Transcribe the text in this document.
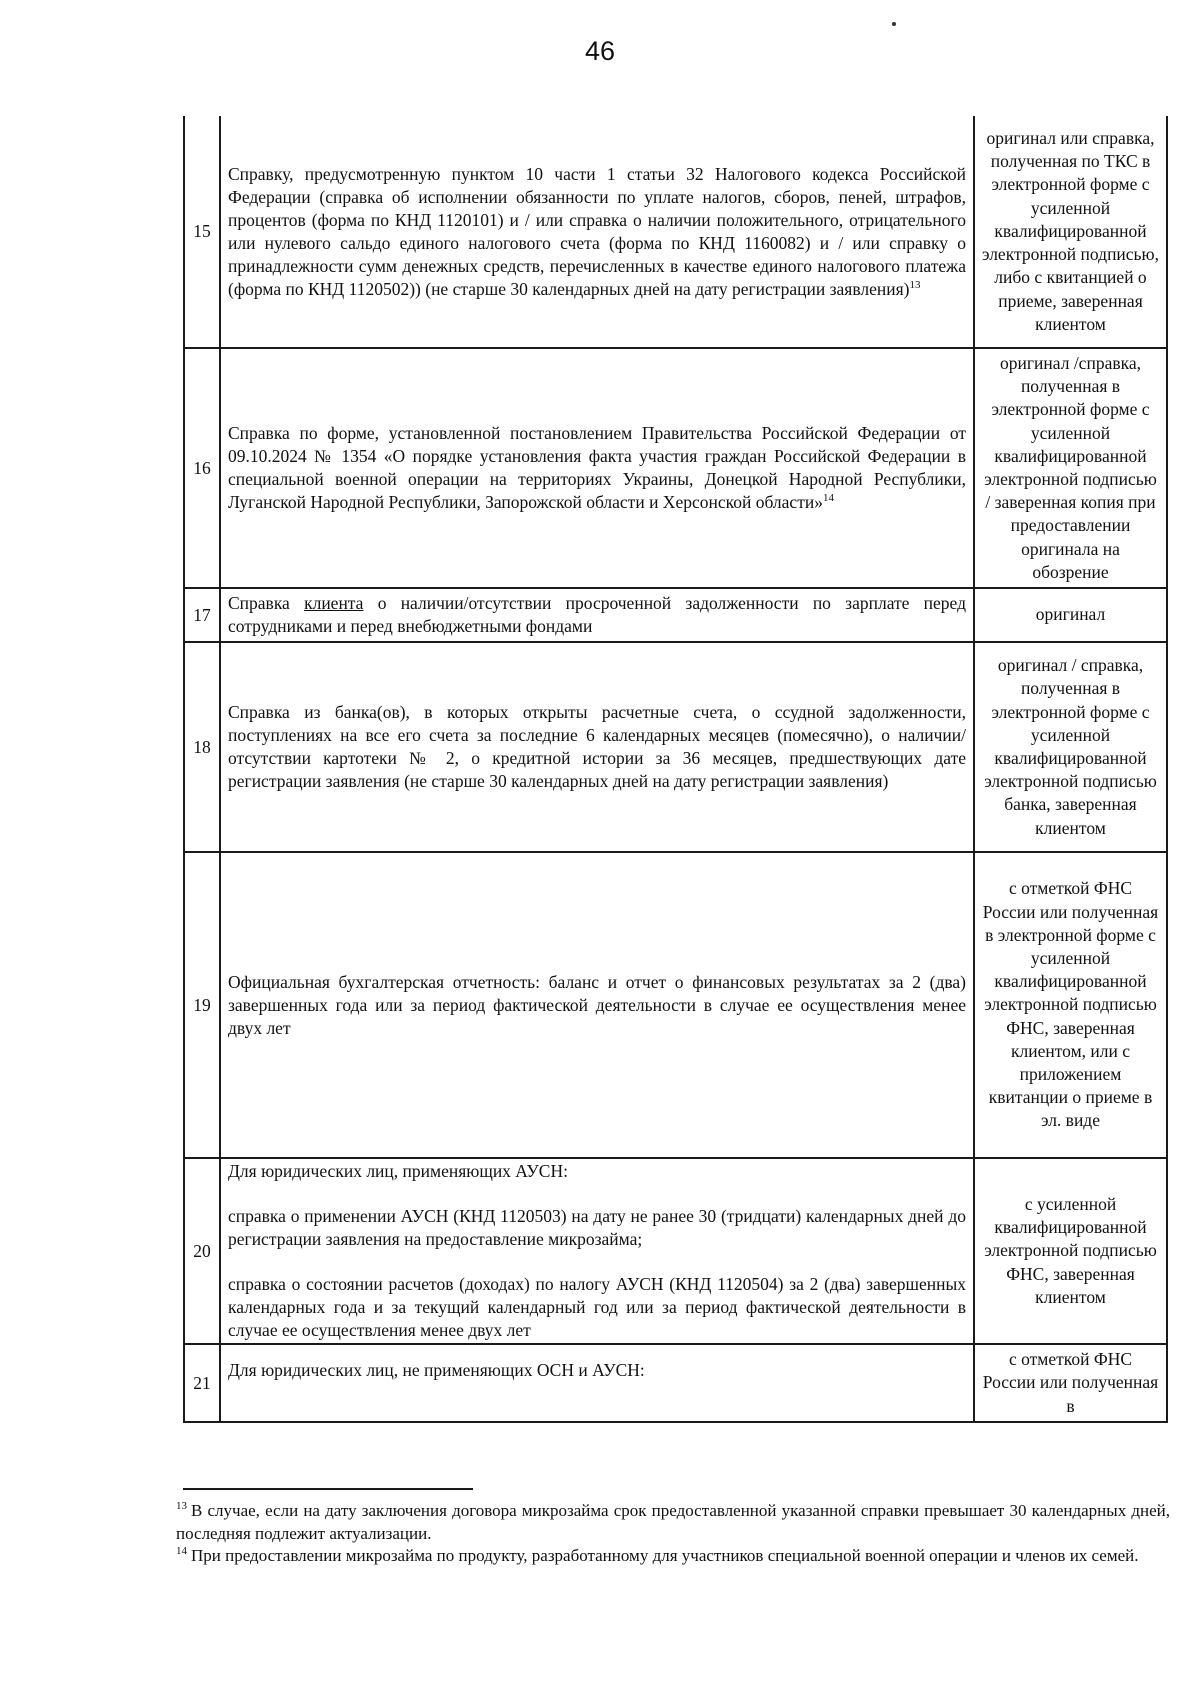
46
15	Справку, предусмотренную пунктом 10 части 1 статьи 32 Налогового кодекса Российской Федерации (справка об исполнении обязанности по уплате налогов, сборов, пеней, штрафов, процентов (форма по КНД 1120101) и / или справка о наличии положительного, отрицательного или нулевого сальдо единого налогового счета (форма по КНД 1160082) и / или справку о принадлежности сумм денежных средств, перечисленных в качестве единого налогового платежа (форма по КНД 1120502)) (не старше 30 календарных дней на дату регистрации заявления)$^{13}$	оригинал или справка, полученная по ТКС в электронной форме с усиленной квалифицированной электронной подписью, либо с квитанцией о приеме, заверенная клиентом
16	Справка по форме, установленной постановлением Правительства Российской Федерации от 09.10.2024 № 1354 «О порядке установления факта участия граждан Российской Федерации в специальной военной операции на территориях Украины, Донецкой Народной Республики, Луганской Народной Республики, Запорожской области и Херсонской области»$^{14}$	оригинал /справка, полученная в электронной форме с усиленной квалифицированной электронной подписью / заверенная копия при предоставлении оригинала на обозрение
17	Справка клиента о наличии/отсутствии просроченной задолженности по зарплате перед сотрудниками и перед внебюджетными фондами	оригинал
18	Справка из банка(ов), в которых открыты расчетные счета, о ссудной задолженности, поступлениях на все его счета за последние 6 календарных месяцев (помесячно), о наличии/отсутствии картотеки № 2, о кредитной истории за 36 месяцев, предшествующих дате регистрации заявления (не старше 30 календарных дней на дату регистрации заявления)	оригинал / справка, полученная в электронной форме с усиленной квалифицированной электронной подписью банка, заверенная клиентом
19	Официальная бухгалтерская отчетность: баланс и отчет о финансовых результатах за 2 (два) завершенных года или за период фактической деятельности в случае ее осуществления менее двух лет	с отметкой ФНС России или полученная в электронной форме с усиленной квалифицированной электронной подписью ФНС, заверенная клиентом, или с приложением квитанции о приеме в эл. виде
20	Для юридических лиц, применяющих АУСН:

справка о применении АУСН (КНД 1120503) на дату не ранее 30 (тридцати) календарных дней до регистрации заявления на предоставление микрозайма;

справка о состоянии расчетов (доходах) по налогу АУСН (КНД 1120504) за 2 (два) завершенных календарных года и за текущий календарный год или за период фактической деятельности в случае ее осуществления менее двух лет	с усиленной квалифицированной электронной подписью ФНС, заверенная клиентом
21	Для юридических лиц, не применяющих ОСН и АУСН:	с отметкой ФНС России или полученная в

$^{13}$ В случае, если на дату заключения договора микрозайма срок предоставленной указанной справки превышает 30 календарных дней, последняя подлежит актуализации.

$^{14}$ При предоставлении микрозайма по продукту, разработанному для участников специальной военной операции и членов их семей.
